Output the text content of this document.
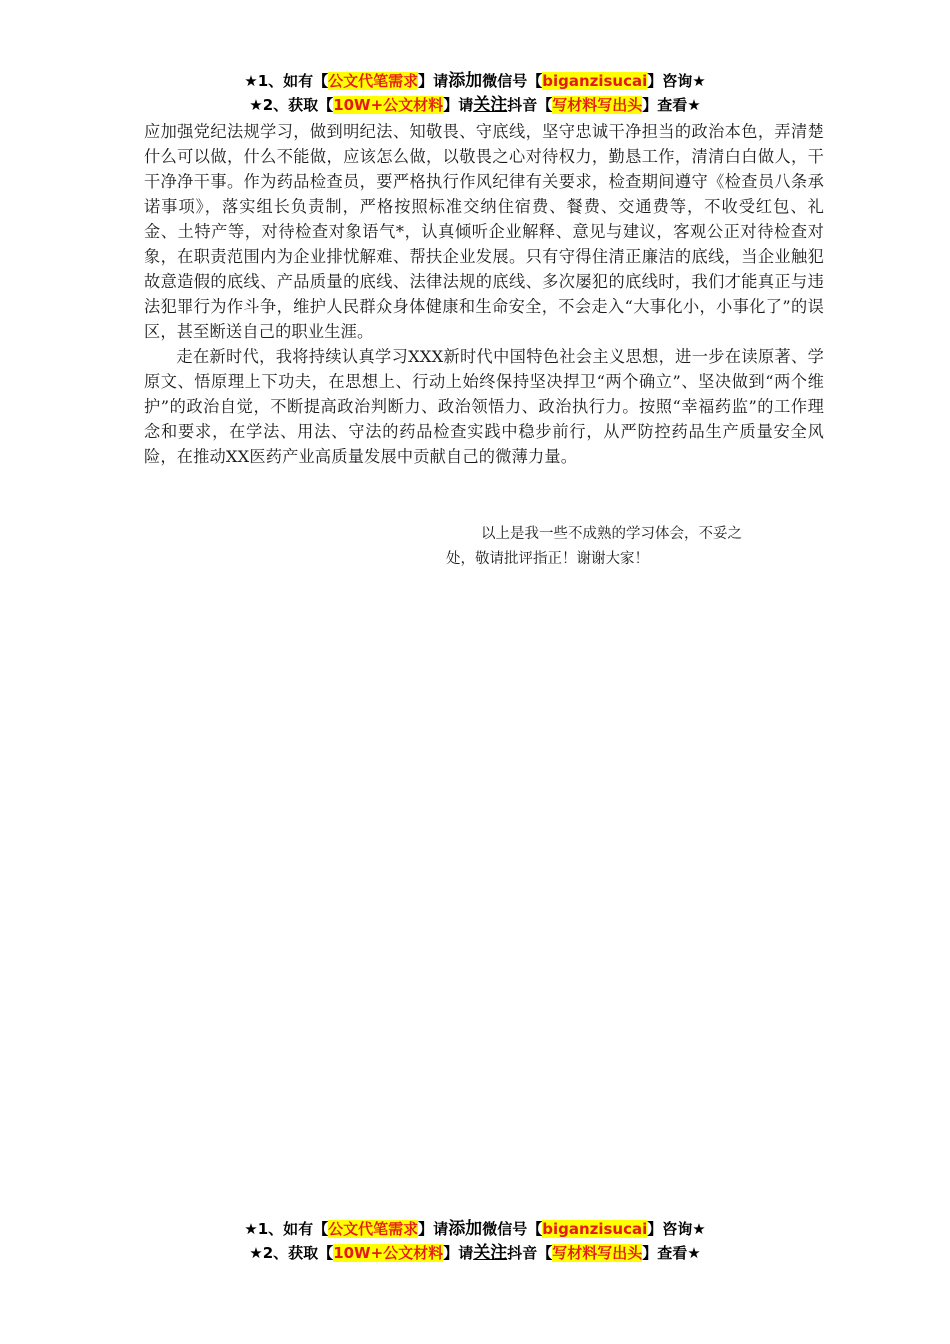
★1、如有【公文代笔需求】请添加微信号【biganzisucai】咨询★
★2、获取【10W+公文材料】请关注抖音【写材料写出头】查看★

应加强党纪法规学习，做到明纪法、知敬畏、守底线，坚守忠诚干净担当的政治本色，弄清楚什么可以做，什么不能做，应该怎么做，以敬畏之心对待权力，勤恳工作，清清白白做人，干干净净干事。作为药品检查员，要严格执行作风纪律有关要求，检查期间遵守《检查员八条承诺事项》，落实组长负责制，严格按照标准交纳住宿费、餐费、交通费等，不收受红包、礼金、土特产等，对待检查对象语气*，认真倾听企业解释、意见与建议，客观公正对待检查对象，在职责范围内为企业排忧解难、帮扶企业发展。只有守得住清正廉洁的底线，当企业触犯故意造假的底线、产品质量的底线、法律法规的底线、多次屡犯的底线时，我们才能真正与违法犯罪行为作斗争，维护人民群众身体健康和生命安全，不会走入“大事化小，小事化了”的误区，甚至断送自己的职业生涯。

走在新时代，我将持续认真学习XXX新时代中国特色社会主义思想，进一步在读原著、学原文、悟原理上下功夫，在思想上、行动上始终保持坚决捍卫“两个确立”、坚决做到“两个维护”的政治自觉，不断提高政治判断力、政治领悟力、政治执行力。按照“幸福药监”的工作理念和要求，在学法、用法、守法的药品检查实践中稳步前行，从严防控药品生产质量安全风险，在推动XX医药产业高质量发展中贡献自己的微薄力量。

以上是我一些不成熟的学习体会，不妥之
处，敬请批评指正！谢谢大家！
★1、如有【公文代笔需求】请添加微信号【biganzisucai】咨询★
★2、获取【10W+公文材料】请关注抖音【写材料写出头】查看★
